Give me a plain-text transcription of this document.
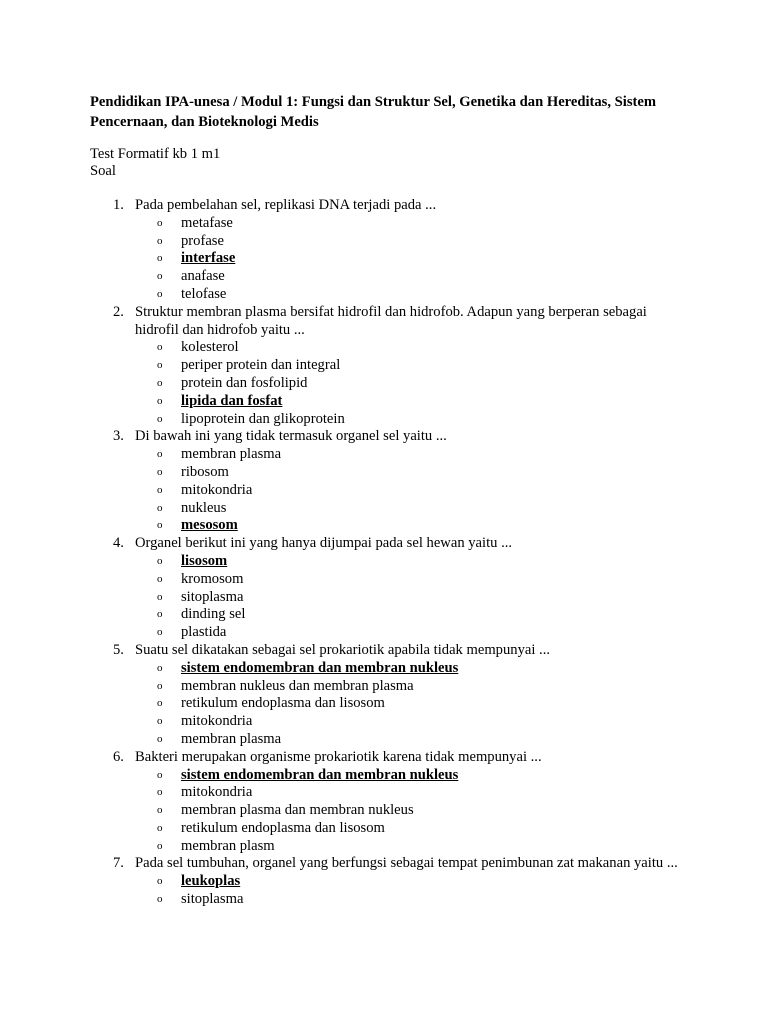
Pendidikan IPA-unesa / Modul 1: Fungsi dan Struktur Sel, Genetika dan Hereditas, Sistem Pencernaan, dan Bioteknologi Medis
Test Formatif kb 1 m1
Soal
1. Pada pembelahan sel, replikasi DNA terjadi pada ...
o metafase
o profase
o interfase
o anafase
o telofase
2. Struktur membran plasma bersifat hidrofil dan hidrofob. Adapun yang berperan sebagai hidrofil dan hidrofob yaitu ...
o kolesterol
o periper protein dan integral
o protein dan fosfolipid
o lipida dan fosfat
o lipoprotein dan glikoprotein
3. Di bawah ini yang tidak termasuk organel sel yaitu ...
o membran plasma
o ribosom
o mitokondria
o nukleus
o mesosom
4. Organel berikut ini yang hanya dijumpai pada sel hewan yaitu ...
o lisosom
o kromosom
o sitoplasma
o dinding sel
o plastida
5. Suatu sel dikatakan sebagai sel prokariotik apabila tidak mempunyai ...
o sistem endomembran dan membran nukleus
o membran nukleus dan membran plasma
o retikulum endoplasma dan lisosom
o mitokondria
o membran plasma
6. Bakteri merupakan organisme prokariotik karena tidak mempunyai ...
o sistem endomembran dan membran nukleus
o mitokondria
o membran plasma dan membran nukleus
o retikulum endoplasma dan lisosom
o membran plasm
7. Pada sel tumbuhan, organel yang berfungsi sebagai tempat penimbunan zat makanan yaitu ...
o leukoplas
o sitoplasma
